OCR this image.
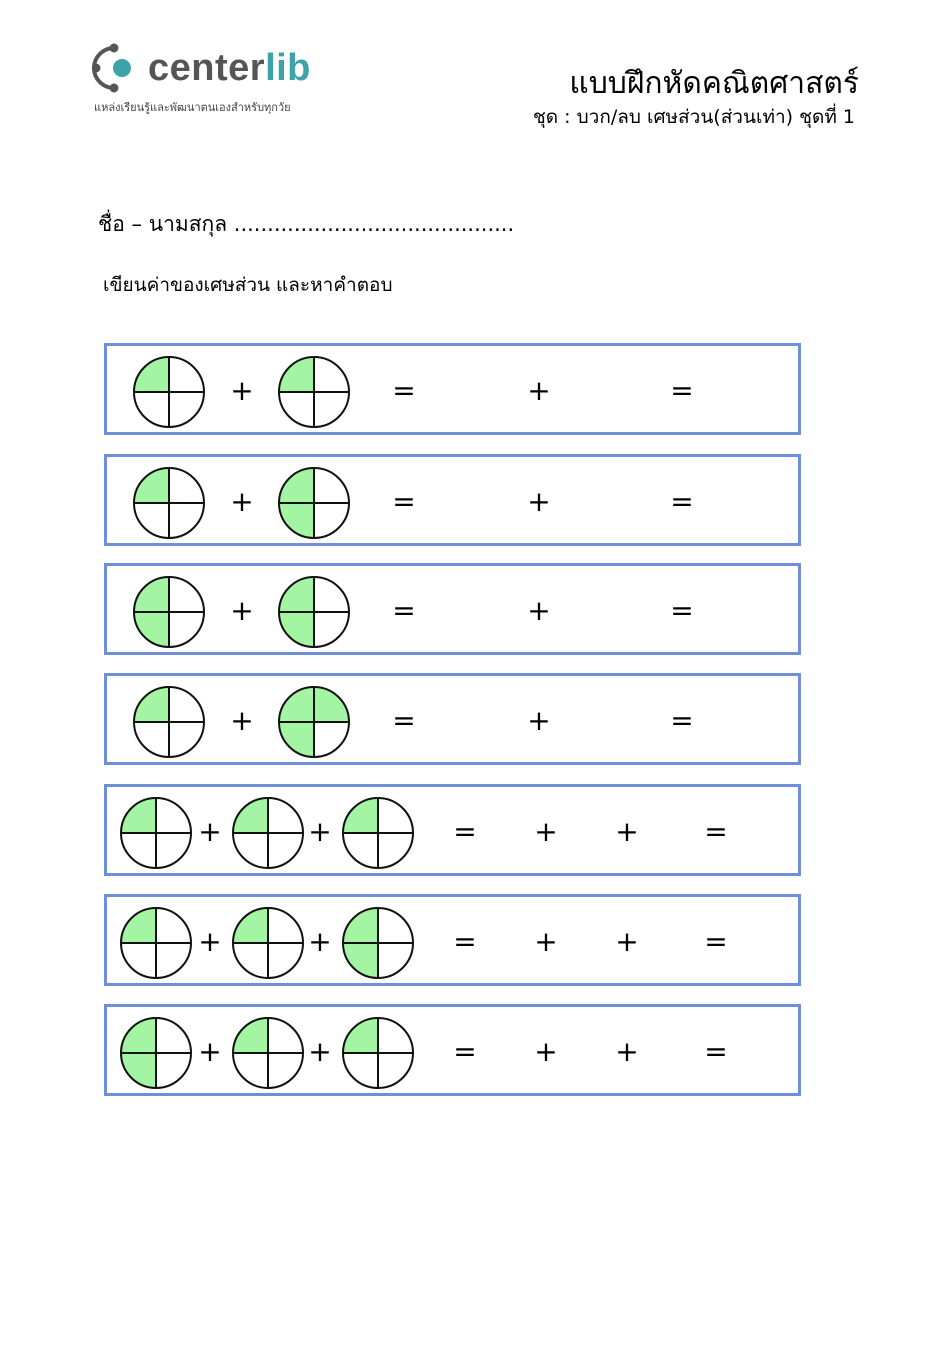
centerlib
แหล่งเรียนรู้และพัฒนาตนเองสำหรับทุกวัย
แบบฝึกหัดคณิตศาสตร์
ชุด : บวก/ลบ เศษส่วน(ส่วนเท่า) ชุดที่ 1
ชื่อ – นามสกุล ..........................................
เขียนค่าของเศษส่วน และหาคำตอบ
+	=	+	=
+	=	+	=
+	=	+	=
+	=	+	=
+	+	= + + =
+	+	= + + =
+	+	= + + =
